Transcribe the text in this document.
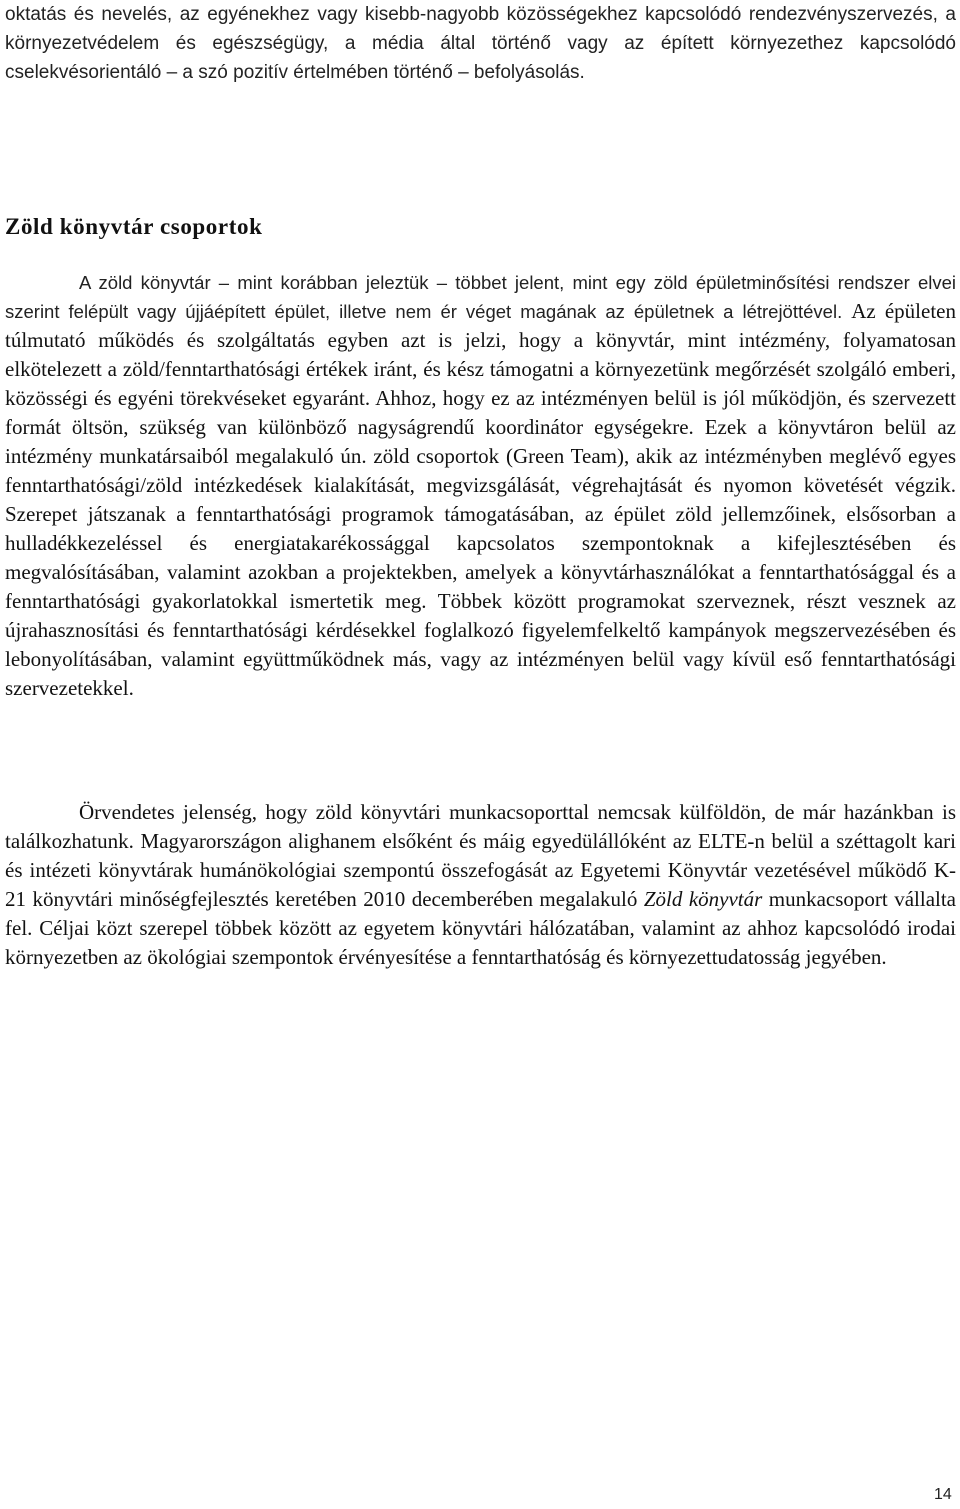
oktatás és nevelés, az egyénekhez vagy kisebb-nagyobb közösségekhez kapcsolódó rendezvényszervezés, a környezetvédelem és egészségügy, a média által történő vagy az épített környezethez kapcsolódó cselekvésorientáló – a szó pozitív értelmében történő – befolyásolás.

Zöld könyvtár csoportok

A zöld könyvtár – mint korábban jeleztük – többet jelent, mint egy zöld épületminősítési rendszer elvei szerint felépült vagy újjáépített épület, illetve nem ér véget magának az épületnek a létrejöttével. Az épületen túlmutató működés és szolgáltatás egyben azt is jelzi, hogy a könyvtár, mint intézmény, folyamatosan elkötelezett a zöld/fenntarthatósági értékek iránt, és kész támogatni a környezetünk megőrzését szolgáló emberi, közösségi és egyéni törekvéseket egyaránt. Ahhoz, hogy ez az intézményen belül is jól működjön, és szervezett formát öltsön, szükség van különböző nagyságrendű koordinátor egységekre. Ezek a könyvtáron belül az intézmény munkatársaiból megalakuló ún. zöld csoportok (Green Team), akik az intézményben meglévő egyes fenntarthatósági/zöld intézkedések kialakítását, megvizsgálását, végrehajtását és nyomon követését végzik. Szerepet játszanak a fenntarthatósági programok támogatásában, az épület zöld jellemzőinek, elsősorban a hulladékkezeléssel és energiatakarékossággal kapcsolatos szempontoknak a kifejlesztésében és megvalósításában, valamint azokban a projektekben, amelyek a könyvtárhasználókat a fenntarthatósággal és a fenntarthatósági gyakorlatokkal ismertetik meg. Többek között programokat szerveznek, részt vesznek az újrahasznosítási és fenntarthatósági kérdésekkel foglalkozó figyelemfelkeltő kampányok megszervezésében és lebonyolításában, valamint együttműködnek más, vagy az intézményen belül vagy kívül eső fenntarthatósági szervezetekkel.

Örvendetes jelenség, hogy zöld könyvtári munkacsoporttal nemcsak külföldön, de már hazánkban is találkozhatunk. Magyarországon alighanem elsőként és máig egyedülállóként az ELTE-n belül a széttagolt kari és intézeti könyvtárak humánökológiai szempontú összefogását az Egyetemi Könyvtár vezetésével működő K-21 könyvtári minőségfejlesztés keretében 2010 decemberében megalakuló Zöld könyvtár munkacsoport vállalta fel. Céljai közt szerepel többek között az egyetem könyvtári hálózatában, valamint az ahhoz kapcsolódó irodai környezetben az ökológiai szempontok érvényesítése a fenntarthatóság és környezettudatosság jegyében.

14
